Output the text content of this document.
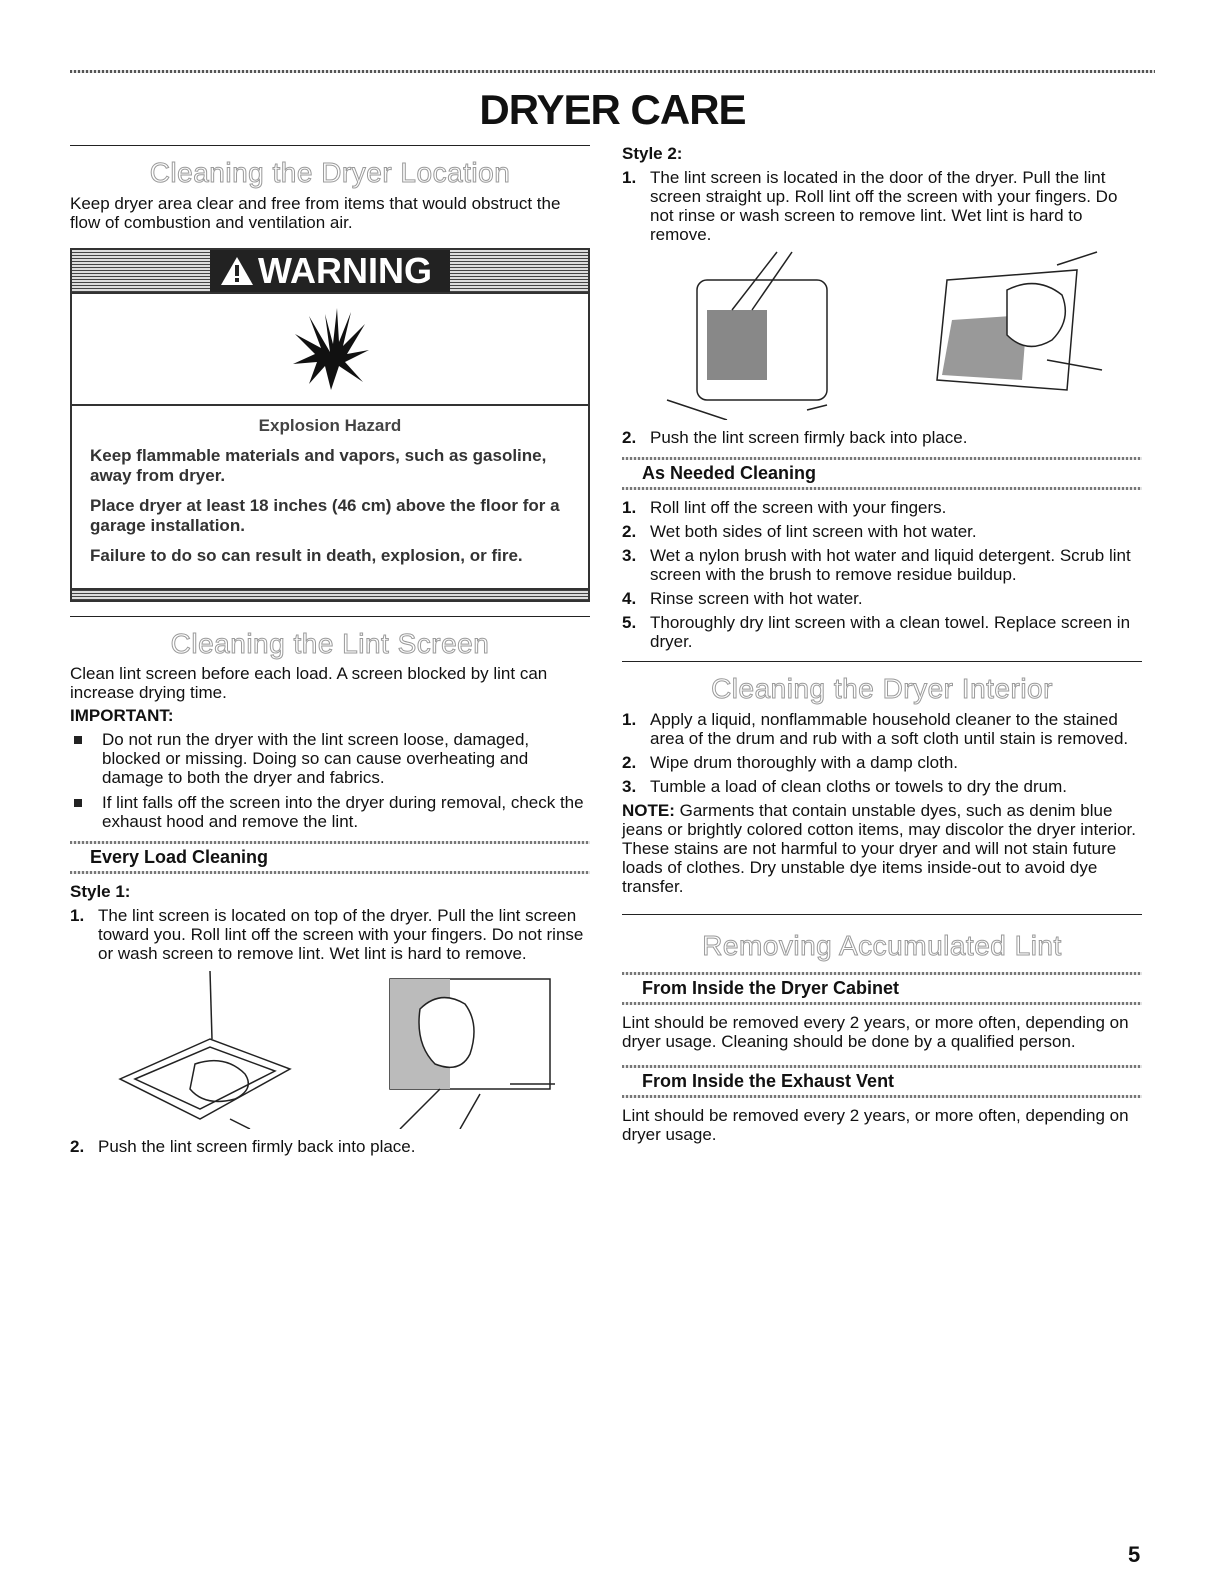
DRYER CARE
Cleaning the Dryer Location

Keep dryer area clear and free from items that would obstruct the flow of combustion and ventilation air.

WARNING
Explosion Hazard

Keep flammable materials and vapors, such as gasoline, away from dryer.

Place dryer at least 18 inches (46 cm) above the floor for a garage installation.

Failure to do so can result in death, explosion, or fire.

Cleaning the Lint Screen

Clean lint screen before each load. A screen blocked by lint can increase drying time.

IMPORTANT:
Do not run the dryer with the lint screen loose, damaged, blocked or missing. Doing so can cause overheating and damage to both the dryer and fabrics.
If lint falls off the screen into the dryer during removal, check the exhaust hood and remove the lint.
Every Load Cleaning
Style 1:
1. The lint screen is located on top of the dryer. Pull the lint screen toward you. Roll lint off the screen with your fingers. Do not rinse or wash screen to remove lint. Wet lint is hard to remove.
2. Push the lint screen firmly back into place.
Style 2:
1. The lint screen is located in the door of the dryer. Pull the lint screen straight up. Roll lint off the screen with your fingers. Do not rinse or wash screen to remove lint. Wet lint is hard to remove.
2. Push the lint screen firmly back into place.
As Needed Cleaning
1. Roll lint off the screen with your fingers.
2. Wet both sides of lint screen with hot water.
3. Wet a nylon brush with hot water and liquid detergent. Scrub lint screen with the brush to remove residue buildup.
4. Rinse screen with hot water.
5. Thoroughly dry lint screen with a clean towel. Replace screen in dryer.
Cleaning the Dryer Interior
1. Apply a liquid, nonflammable household cleaner to the stained area of the drum and rub with a soft cloth until stain is removed.
2. Wipe drum thoroughly with a damp cloth.
3. Tumble a load of clean cloths or towels to dry the drum.

NOTE: Garments that contain unstable dyes, such as denim blue jeans or brightly colored cotton items, may discolor the dryer interior. These stains are not harmful to your dryer and will not stain future loads of clothes. Dry unstable dye items inside-out to avoid dye transfer.

Removing Accumulated Lint
From Inside the Dryer Cabinet

Lint should be removed every 2 years, or more often, depending on dryer usage. Cleaning should be done by a qualified person.

From Inside the Exhaust Vent

Lint should be removed every 2 years, or more often, depending on dryer usage.

5
